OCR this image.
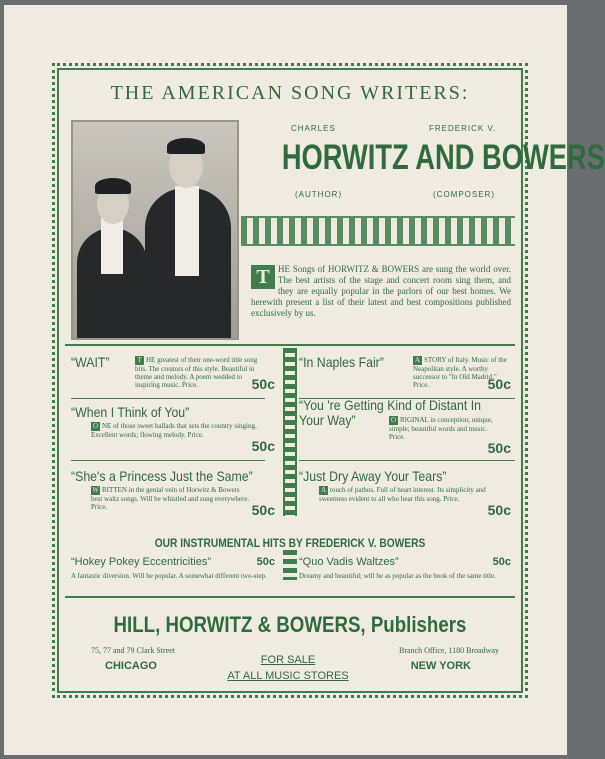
THE AMERICAN SONG WRITERS:
CHARLES	FREDERICK V.
HORWITZ AND BOWERS
(AUTHOR)	(COMPOSER)
T HE Songs of HORWITZ & BOWERS are sung the world over. The best artists of the stage and concert room sing them, and they are equally popular in the parlors of our best homes. We herewith present a list of their latest and best compositions published exclusively by us.
“WAIT”	T HE greatest of their one-word title song hits. The creators of this style. Beautiful in theme and melody. A poem wedded to inspiring music. Price.	50c
“In Naples Fair”	A STORY of Italy. Music of the Neapolitan style. A worthy successor to "In Old Madrid." Price.	50c
“When I Think of You”
O NE of those sweet ballads that sets the country singing. Excellent words; flowing melody. Price.
50c
“You 're Getting Kind of Distant In Your Way”	O RIGINAL in conception; unique, simple; beautiful words and music. Price.
50c
“She's a Princess Just the Same”
W RITTEN in the genial vein of Horwitz & Bowers best waltz songs. Will be whistled and sung everywhere. Price.	50c
“Just Dry Away Your Tears”
A touch of pathos. Full of heart interest. Its simplicity and sweetness evident to all who hear this song. Price.
50c
OUR INSTRUMENTAL HITS BY FREDERICK V. BOWERS
“Hokey Pokey Eccentricities”	50c
A fantastic diversion. Will be popular. A somewhat different two-step.
“Quo Vadis Waltzes”	50c
Dreamy and beautiful; will be as popular as the book of the same title.
HILL, HORWITZ & BOWERS, Publishers
75, 77 and 79 Clark Street
CHICAGO
Branch Office, 1180 Broadway
NEW YORK
FOR SALE
AT ALL MUSIC STORES
